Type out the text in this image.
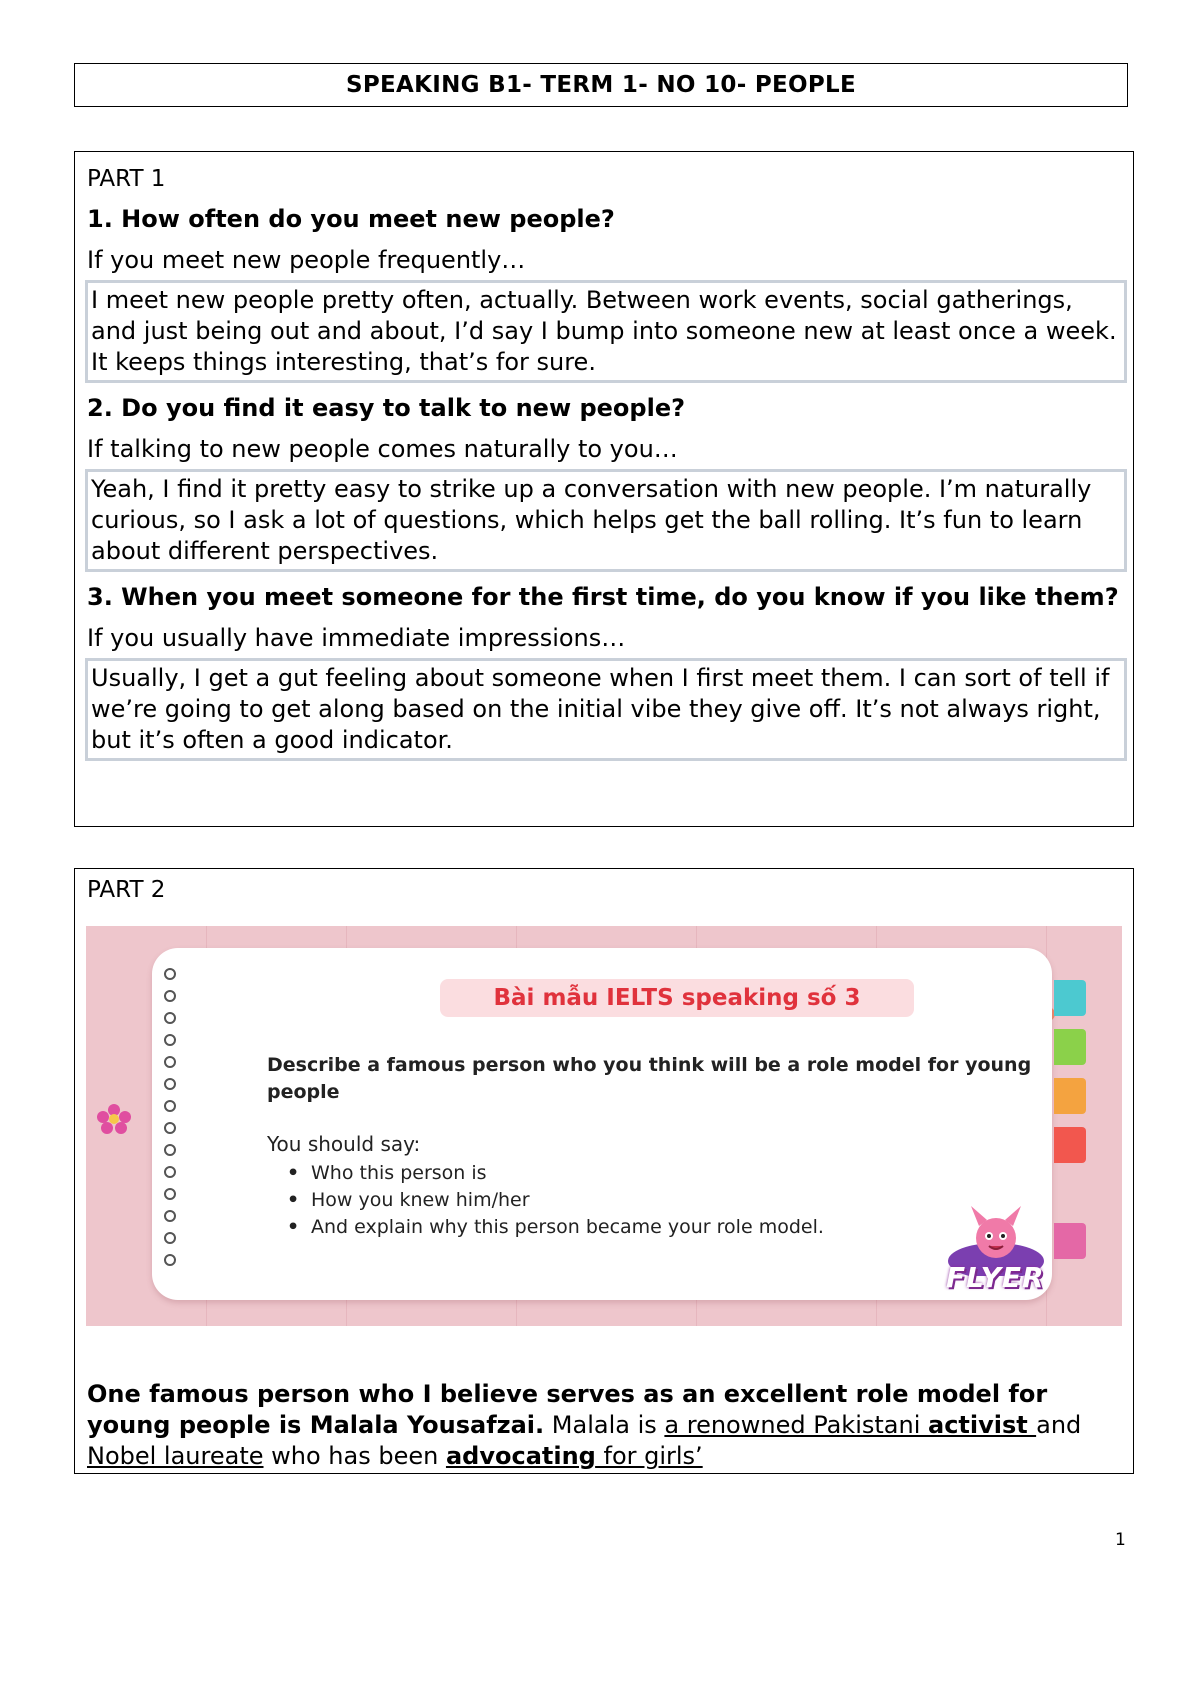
SPEAKING B1- TERM 1- NO 10- PEOPLE
PART 1
1. How often do you meet new people?
If you meet new people frequently…
I meet new people pretty often, actually. Between work events, social gatherings, and just being out and about, I’d say I bump into someone new at least once a week. It keeps things interesting, that’s for sure.
2. Do you find it easy to talk to new people?
If talking to new people comes naturally to you…
Yeah, I find it pretty easy to strike up a conversation with new people. I’m naturally curious, so I ask a lot of questions, which helps get the ball rolling. It’s fun to learn about different perspectives.
3. When you meet someone for the first time, do you know if you like them?
If you usually have immediate impressions…
Usually, I get a gut feeling about someone when I first meet them. I can sort of tell if we’re going to get along based on the initial vibe they give off. It’s not always right, but it’s often a good indicator.
PART 2
Bài mẫu IELTS speaking số 3
Describe a famous person who you think will be a role model for young people
You should say:
• Who this person is
• How you knew him/her
• And explain why this person became your role model.
FLYER
One famous person who I believe serves as an excellent role model for young people is Malala Yousafzai. Malala is a renowned Pakistani activist and Nobel laureate who has been advocating for girls’
1
